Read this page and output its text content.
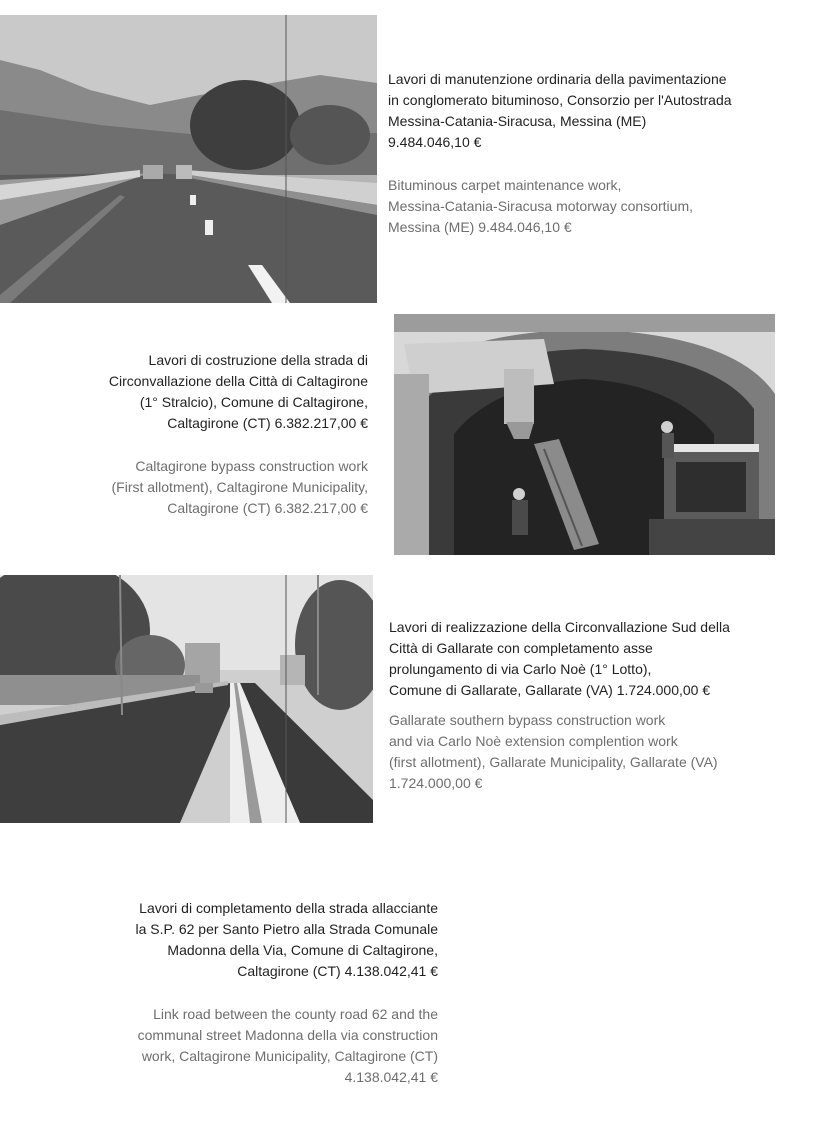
Lavori di manutenzione ordinaria della pavimentazione
in conglomerato bituminoso, Consorzio per l'Autostrada
Messina-Catania-Siracusa, Messina (ME)
9.484.046,10 €

Bituminous carpet maintenance work,
Messina-Catania-Siracusa motorway consortium,
Messina (ME) 9.484.046,10 €

Lavori di costruzione della strada di
Circonvallazione della Città di Caltagirone
(1° Stralcio), Comune di Caltagirone,
Caltagirone (CT) 6.382.217,00 €

Caltagirone bypass construction work
(First allotment), Caltagirone Municipality,
Caltagirone (CT) 6.382.217,00 €

Lavori di realizzazione della Circonvallazione Sud della
Città di Gallarate con completamento asse
prolungamento di via Carlo Noè (1° Lotto),
Comune di Gallarate, Gallarate (VA) 1.724.000,00 €

Gallarate southern bypass construction work
and via Carlo Noè extension complention work
(first allotment), Gallarate Municipality, Gallarate (VA)
1.724.000,00 €

Lavori di completamento della strada allacciante
la S.P. 62 per Santo Pietro alla Strada Comunale
Madonna della Via, Comune di Caltagirone,
Caltagirone (CT) 4.138.042,41 €

Link road between the county road 62 and the
communal street Madonna della via construction
work, Caltagirone Municipality, Caltagirone (CT)
4.138.042,41 €
